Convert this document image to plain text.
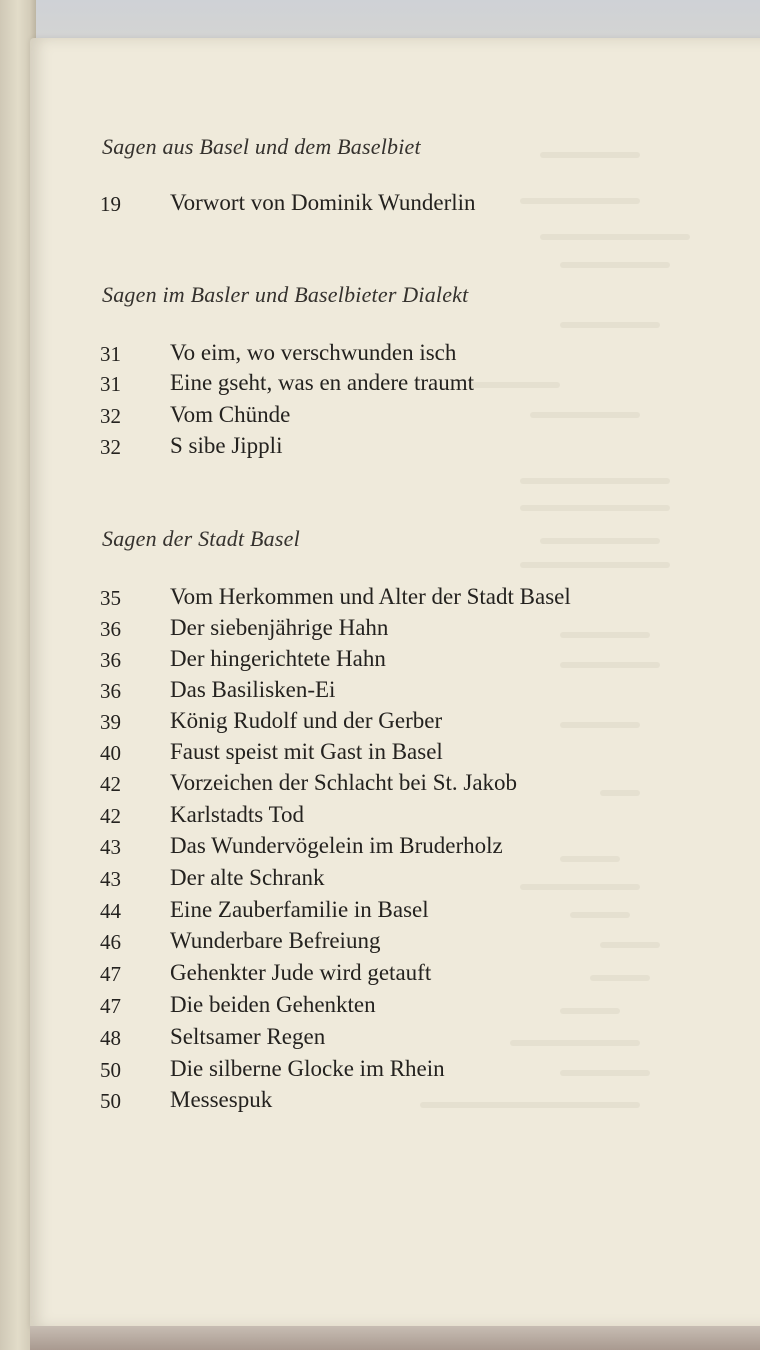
Sagen aus Basel und dem Baselbiet
19	Vorwort von Dominik Wunderlin
Sagen im Basler und Baselbieter Dialekt
31	Vo eim, wo verschwunden isch
31	Eine gseht, was en andere traumt
32	Vom Chünde
32	S sibe Jippli
Sagen der Stadt Basel
35	Vom Herkommen und Alter der Stadt Basel
36	Der siebenjährige Hahn
36	Der hingerichtete Hahn
36	Das Basilisken-Ei
39	König Rudolf und der Gerber
40	Faust speist mit Gast in Basel
42	Vorzeichen der Schlacht bei St. Jakob
42	Karlstadts Tod
43	Das Wundervögelein im Bruderholz
43	Der alte Schrank
44	Eine Zauberfamilie in Basel
46	Wunderbare Befreiung
47	Gehenkter Jude wird getauft
47	Die beiden Gehenkten
48	Seltsamer Regen
50	Die silberne Glocke im Rhein
50	Messespuk
